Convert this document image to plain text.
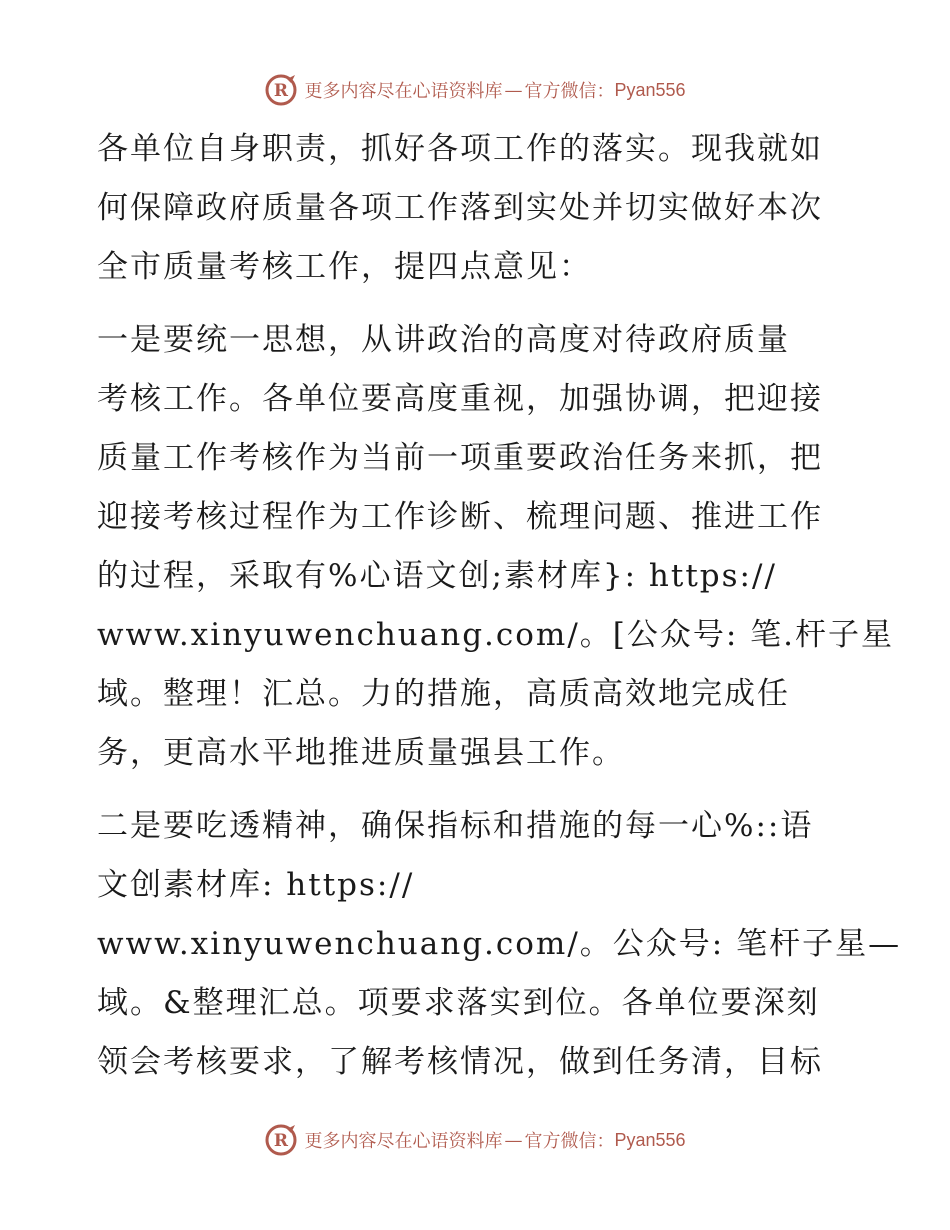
R 更多内容尽在心语资料库 — 官方微信： Pyan556
各单位自身职责，抓好各项工作的落实。现我就如
何保障政府质量各项工作落到实处并切实做好本次
全市质量考核工作，提四点意见：
一是要统一思想，从讲政治的高度对待政府质量
考核工作。各单位要高度重视，加强协调，把迎接
质量工作考核作为当前一项重要政治任务来抓，把
迎接考核过程作为工作诊断、梳理问题、推进工作
的过程，采取有%心语文创;素材库}: https://
www.xinyuwenchuang.com/。[公众号: 笔.杆子星
域。整理！汇总。力的措施，高质高效地完成任
务，更高水平地推进质量强县工作。
二是要吃透精神，确保指标和措施的每一心%::语
文创素材库: https://
www.xinyuwenchuang.com/。公众号: 笔杆子星—
域。&整理汇总。项要求落实到位。各单位要深刻
领会考核要求，了解考核情况，做到任务清，目标
R 更多内容尽在心语资料库 — 官方微信： Pyan556
